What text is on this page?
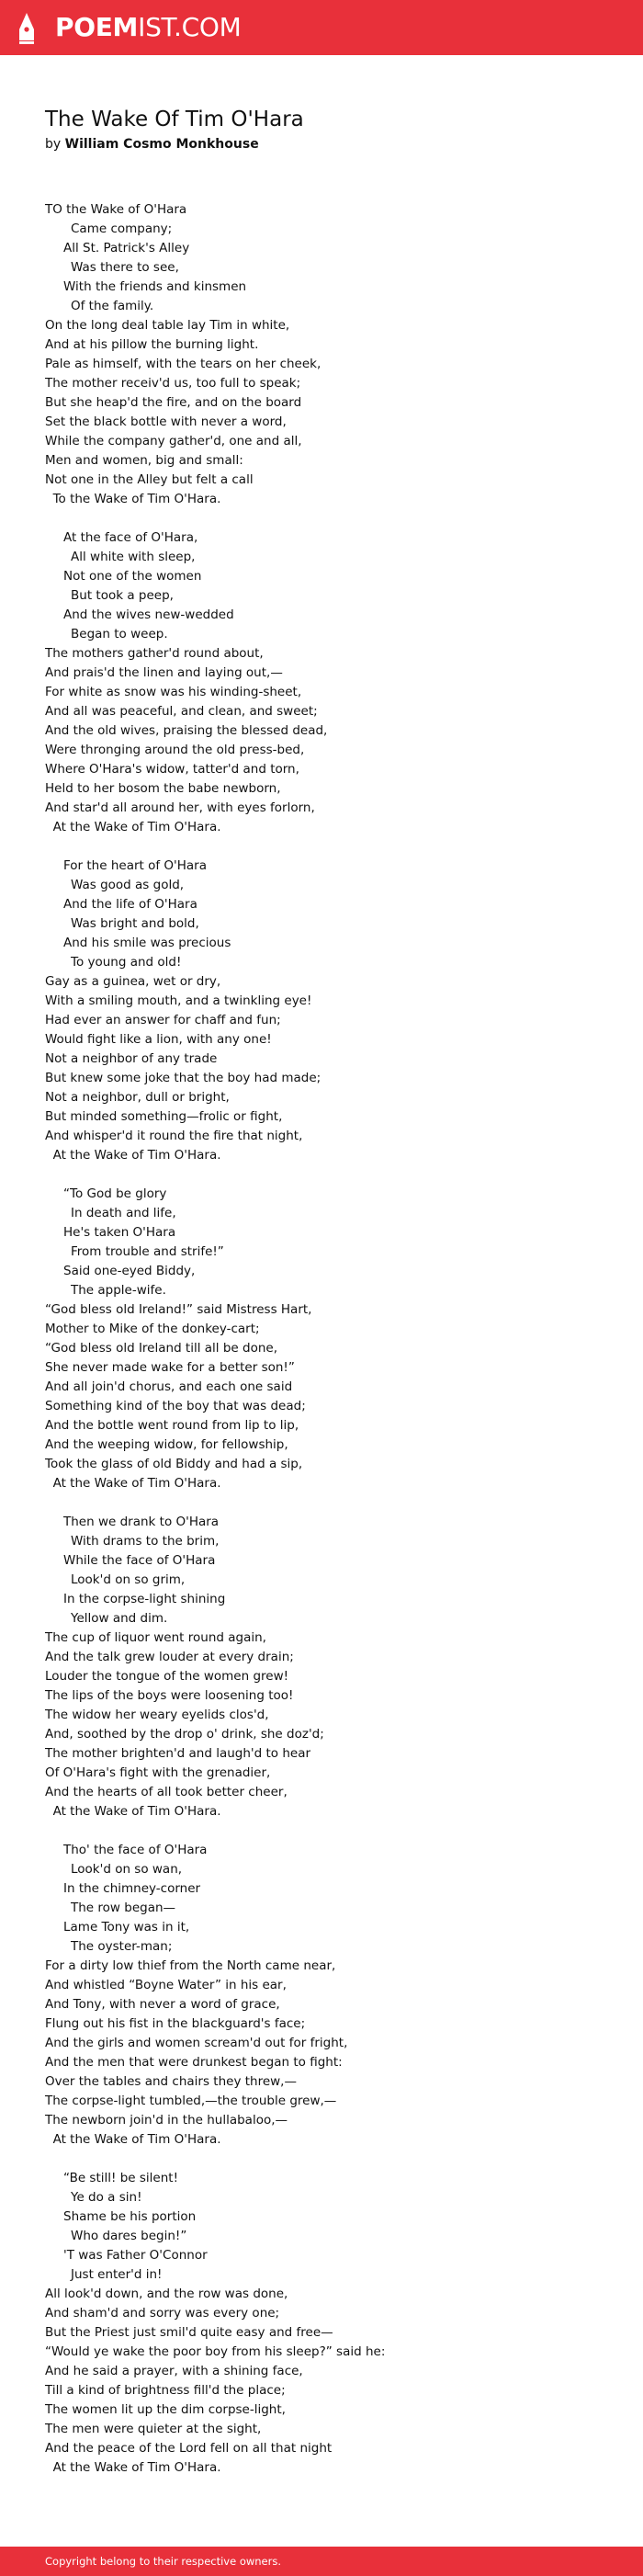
POEMIST.COM
The Wake Of Tim O'Hara
by William Cosmo Monkhouse
TO the Wake of O'Hara
Came company;
All St. Patrick's Alley
Was there to see,
With the friends and kinsmen
Of the family.
On the long deal table lay Tim in white,
And at his pillow the burning light.
Pale as himself, with the tears on her cheek,
The mother receiv'd us, too full to speak;
But she heap'd the fire, and on the board
Set the black bottle with never a word,
While the company gather'd, one and all,
Men and women, big and small:
Not one in the Alley but felt a call
To the Wake of Tim O'Hara.
At the face of O'Hara,
All white with sleep,
Not one of the women
But took a peep,
And the wives new-wedded
Began to weep.
The mothers gather'd round about,
And prais'd the linen and laying out,—
For white as snow was his winding-sheet,
And all was peaceful, and clean, and sweet;
And the old wives, praising the blessed dead,
Were thronging around the old press-bed,
Where O'Hara's widow, tatter'd and torn,
Held to her bosom the babe newborn,
And star'd all around her, with eyes forlorn,
At the Wake of Tim O'Hara.
For the heart of O'Hara
Was good as gold,
And the life of O'Hara
Was bright and bold,
And his smile was precious
To young and old!
Gay as a guinea, wet or dry,
With a smiling mouth, and a twinkling eye!
Had ever an answer for chaff and fun;
Would fight like a lion, with any one!
Not a neighbor of any trade
But knew some joke that the boy had made;
Not a neighbor, dull or bright,
But minded something—frolic or fight,
And whisper'd it round the fire that night,
At the Wake of Tim O'Hara.
“To God be glory
In death and life,
He's taken O'Hara
From trouble and strife!”
Said one-eyed Biddy,
The apple-wife.
“God bless old Ireland!” said Mistress Hart,
Mother to Mike of the donkey-cart;
“God bless old Ireland till all be done,
She never made wake for a better son!”
And all join'd chorus, and each one said
Something kind of the boy that was dead;
And the bottle went round from lip to lip,
And the weeping widow, for fellowship,
Took the glass of old Biddy and had a sip,
At the Wake of Tim O'Hara.
Then we drank to O'Hara
With drams to the brim,
While the face of O'Hara
Look'd on so grim,
In the corpse-light shining
Yellow and dim.
The cup of liquor went round again,
And the talk grew louder at every drain;
Louder the tongue of the women grew!
The lips of the boys were loosening too!
The widow her weary eyelids clos'd,
And, soothed by the drop o' drink, she doz'd;
The mother brighten'd and laugh'd to hear
Of O'Hara's fight with the grenadier,
And the hearts of all took better cheer,
At the Wake of Tim O'Hara.
Tho' the face of O'Hara
Look'd on so wan,
In the chimney-corner
The row began—
Lame Tony was in it,
The oyster-man;
For a dirty low thief from the North came near,
And whistled “Boyne Water” in his ear,
And Tony, with never a word of grace,
Flung out his fist in the blackguard's face;
And the girls and women scream'd out for fright,
And the men that were drunkest began to fight:
Over the tables and chairs they threw,—
The corpse-light tumbled,—the trouble grew,—
The newborn join'd in the hullabaloo,—
At the Wake of Tim O'Hara.
“Be still! be silent!
Ye do a sin!
Shame be his portion
Who dares begin!”
'T was Father O'Connor
Just enter'd in!
All look'd down, and the row was done,
And sham'd and sorry was every one;
But the Priest just smil'd quite easy and free—
“Would ye wake the poor boy from his sleep?” said he:
And he said a prayer, with a shining face,
Till a kind of brightness fill'd the place;
The women lit up the dim corpse-light,
The men were quieter at the sight,
And the peace of the Lord fell on all that night
At the Wake of Tim O'Hara.
Copyright belong to their respective owners.
